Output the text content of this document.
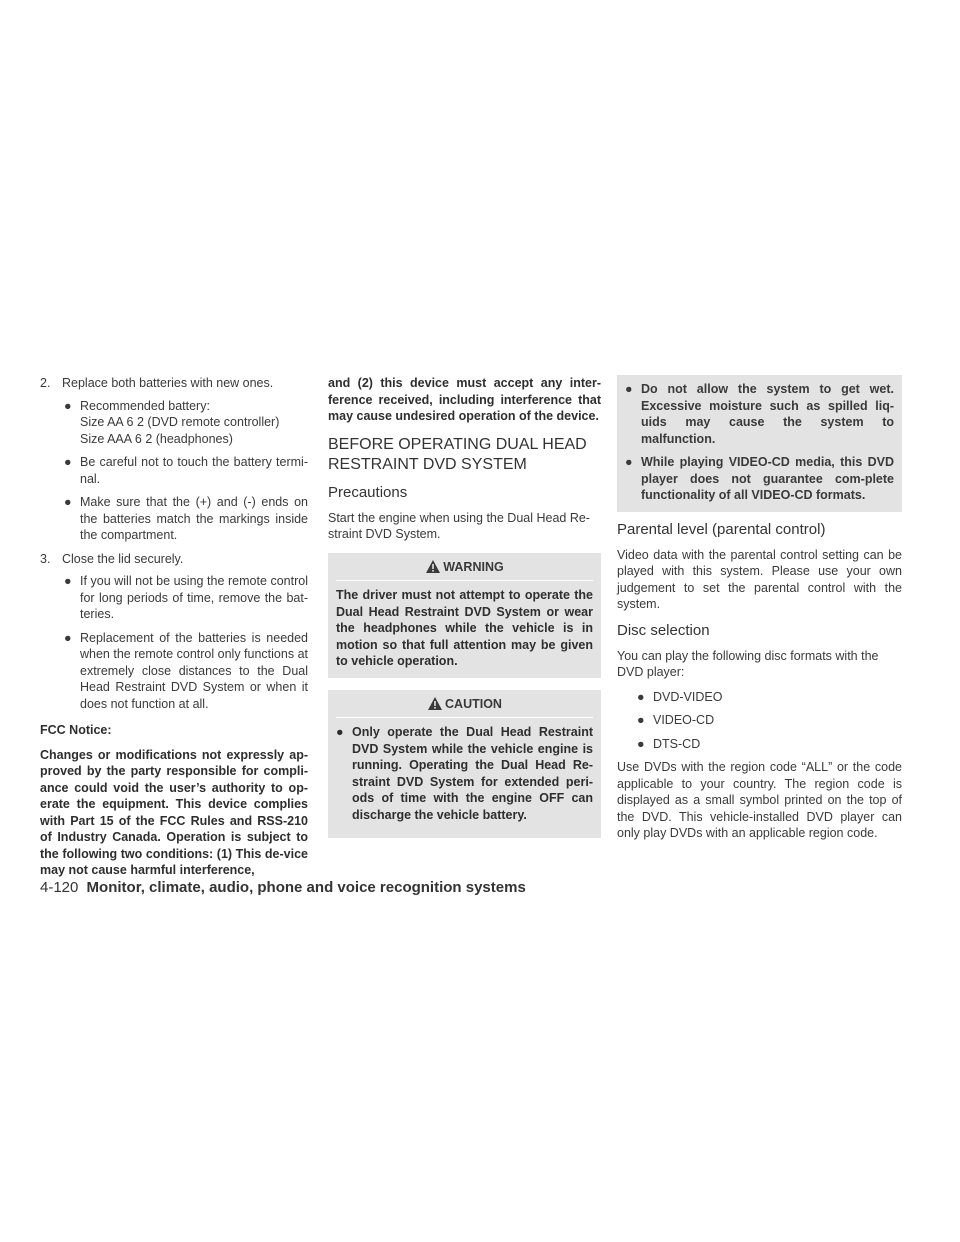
2. Replace both batteries with new ones.
● Recommended battery:
Size AA 6 2 (DVD remote controller)
Size AAA 6 2 (headphones)
● Be careful not to touch the battery termi-nal.
● Make sure that the (+) and (-) ends on the batteries match the markings inside the compartment.
3. Close the lid securely.
● If you will not be using the remote control for long periods of time, remove the bat-teries.
● Replacement of the batteries is needed when the remote control only functions at extremely close distances to the Dual Head Restraint DVD System or when it does not function at all.

FCC Notice:

Changes or modifications not expressly ap-proved by the party responsible for compli-ance could void the user’s authority to op-erate the equipment. This device complies with Part 15 of the FCC Rules and RSS-210 of Industry Canada. Operation is subject to the following two conditions: (1) This de-vice may not cause harmful interference,

and (2) this device must accept any inter-ference received, including interference that may cause undesired operation of the device.

BEFORE OPERATING DUAL HEAD RESTRAINT DVD SYSTEM
Precautions

Start the engine when using the Dual Head Re-straint DVD System.

WARNING

The driver must not attempt to operate the Dual Head Restraint DVD System or wear the headphones while the vehicle is in motion so that full attention may be given to vehicle operation.

CAUTION
● Only operate the Dual Head Restraint DVD System while the vehicle engine is running. Operating the Dual Head Re-straint DVD System for extended peri-ods of time with the engine OFF can discharge the vehicle battery.
● Do not allow the system to get wet. Excessive moisture such as spilled liq-uids may cause the system to malfunction.
● While playing VIDEO-CD media, this DVD player does not guarantee com-plete functionality of all VIDEO-CD formats.
Parental level (parental control)

Video data with the parental control setting can be played with this system. Please use your own judgement to set the parental control with the system.

Disc selection

You can play the following disc formats with the DVD player:

● DVD-VIDEO
● VIDEO-CD
● DTS-CD

Use DVDs with the region code “ALL” or the code applicable to your country. The region code is displayed as a small symbol printed on the top of the DVD. This vehicle-installed DVD player can only play DVDs with an applicable region code.

4-120 Monitor, climate, audio, phone and voice recognition systems
